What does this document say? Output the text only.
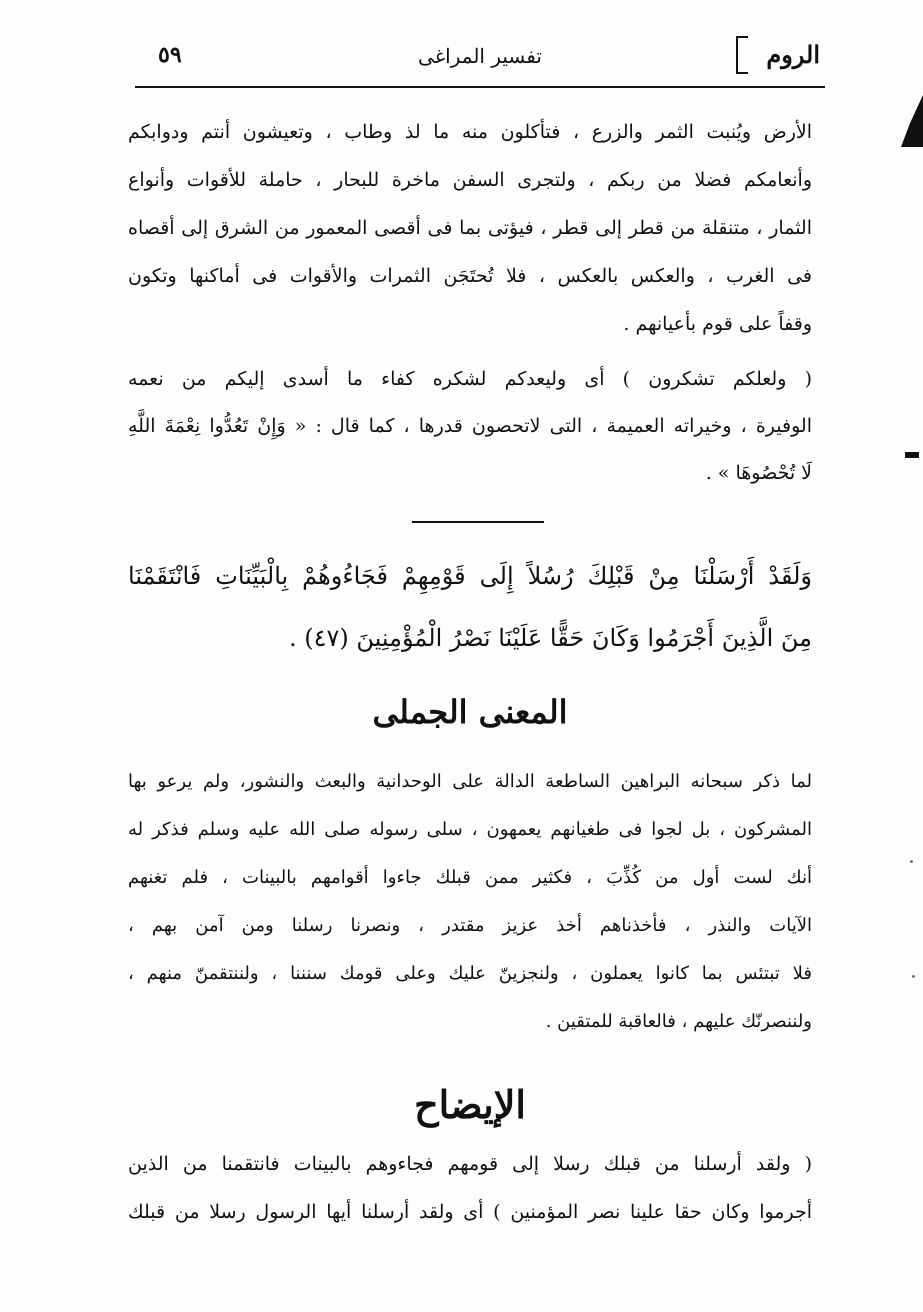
الروم
تفسير المراغى
٥٩
الأرض ويُنبت الثمر والزرع ، فتأكلون منه ما لذ وطاب ، وتعيشون أنتم ودوابكم
وأنعامكم فضلا من ربكم ، ولتجرى السفن ماخرة للبحار ، حاملة للأقوات وأنواع
الثمار ، متنقلة من قطر إلى قطر ، فيؤتى بما فى أقصى المعمور من الشرق إلى أقصاه
فى الغرب ، والعكس بالعكس ، فلا تُحتَجَن الثمرات والأقوات فى أماكنها وتكون
وقفاً على قوم بأعيانهم .
( ولعلكم تشكرون ) أى وليعدكم لشكره كفاء ما أسدى إليكم من نعمه
الوفيرة ، وخيراته العميمة ، التى لاتحصون قدرها ، كما قال : « وَإِنْ تَعُدُّوا نِعْمَةَ اللَّهِ
لَا تُحْصُوهَا » .
وَلَقَدْ أَرْسَلْنَا مِنْ قَبْلِكَ رُسُلاً إِلَى قَوْمِهِمْ فَجَاءُوهُمْ بِالْبَيِّنَاتِ فَانْتَقَمْنَا
مِنَ الَّذِينَ أَجْرَمُوا وَكَانَ حَقًّا عَلَيْنَا نَصْرُ الْمُؤْمِنِينَ (٤٧) .
المعنى الجملى
لما ذكر سبحانه البراهين الساطعة الدالة على الوحدانية والبعث والنشور، ولم يرعو بها
المشركون ، بل لجوا فى طغيانهم يعمهون ، سلى رسوله صلى الله عليه وسلم فذكر له
أنك لست أول من كُذِّبَ ، فكثير ممن قبلك جاءوا أقوامهم بالبينات ، فلم تغنهم
الآيات والنذر ، فأخذناهم أخذ عزيز مقتدر ، ونصرنا رسلنا ومن آمن بهم ،
فلا تبتئس بما كانوا يعملون ، ولنجزينّ عليك وعلى قومك سنننا ، ولننتقمنّ منهم ،
ولننصرنّك عليهم ، فالعاقبة للمتقين .
الإيضاح
( ولقد أرسلنا من قبلك رسلا إلى قومهم فجاءوهم بالبينات فانتقمنا من الذين
أجرموا وكان حقا علينا نصر المؤمنين ) أى ولقد أرسلنا أيها الرسول رسلا من قبلك
